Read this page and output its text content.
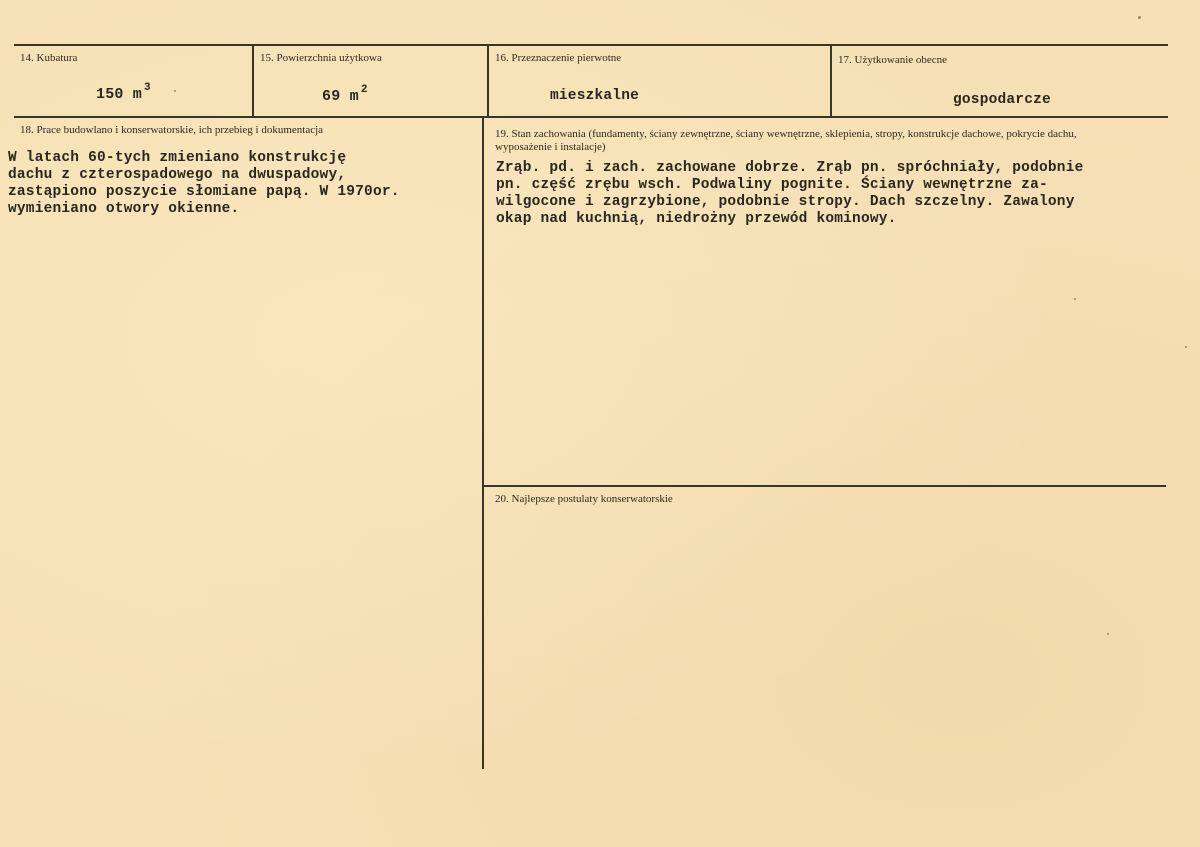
14. Kubatura
150 m $^3$
15. Powierzchnia użytkowa
69 m $^2$
16. Przeznaczenie pierwotne
mieszkalne
17. Użytkowanie obecne
gospodarcze
18. Prace budowlano i konserwatorskie, ich przebieg i dokumentacja
W latach 60-tych zmieniano konstrukcję
dachu z czterospadowego na dwuspadowy,
zastąpiono poszycie słomiane papą. W 1970or.
wymieniano otwory okienne.
19. Stan zachowania (fundamenty, ściany zewnętrzne, ściany wewnętrzne, sklepienia, stropy, konstrukcje dachowe, pokrycie dachu, wyposażenie i instalacje)
Zrąb. pd. i zach. zachowane dobrze. Zrąb pn. spróchniały, podobnie
pn. część zrębu wsch. Podwaliny pognite. Ściany wewnętrzne za-
wilgocone i zagrzybione, podobnie stropy. Dach szczelny. Zawalony
okap nad kuchnią, niedrożny przewód kominowy.
20. Najlepsze postulaty konserwatorskie
